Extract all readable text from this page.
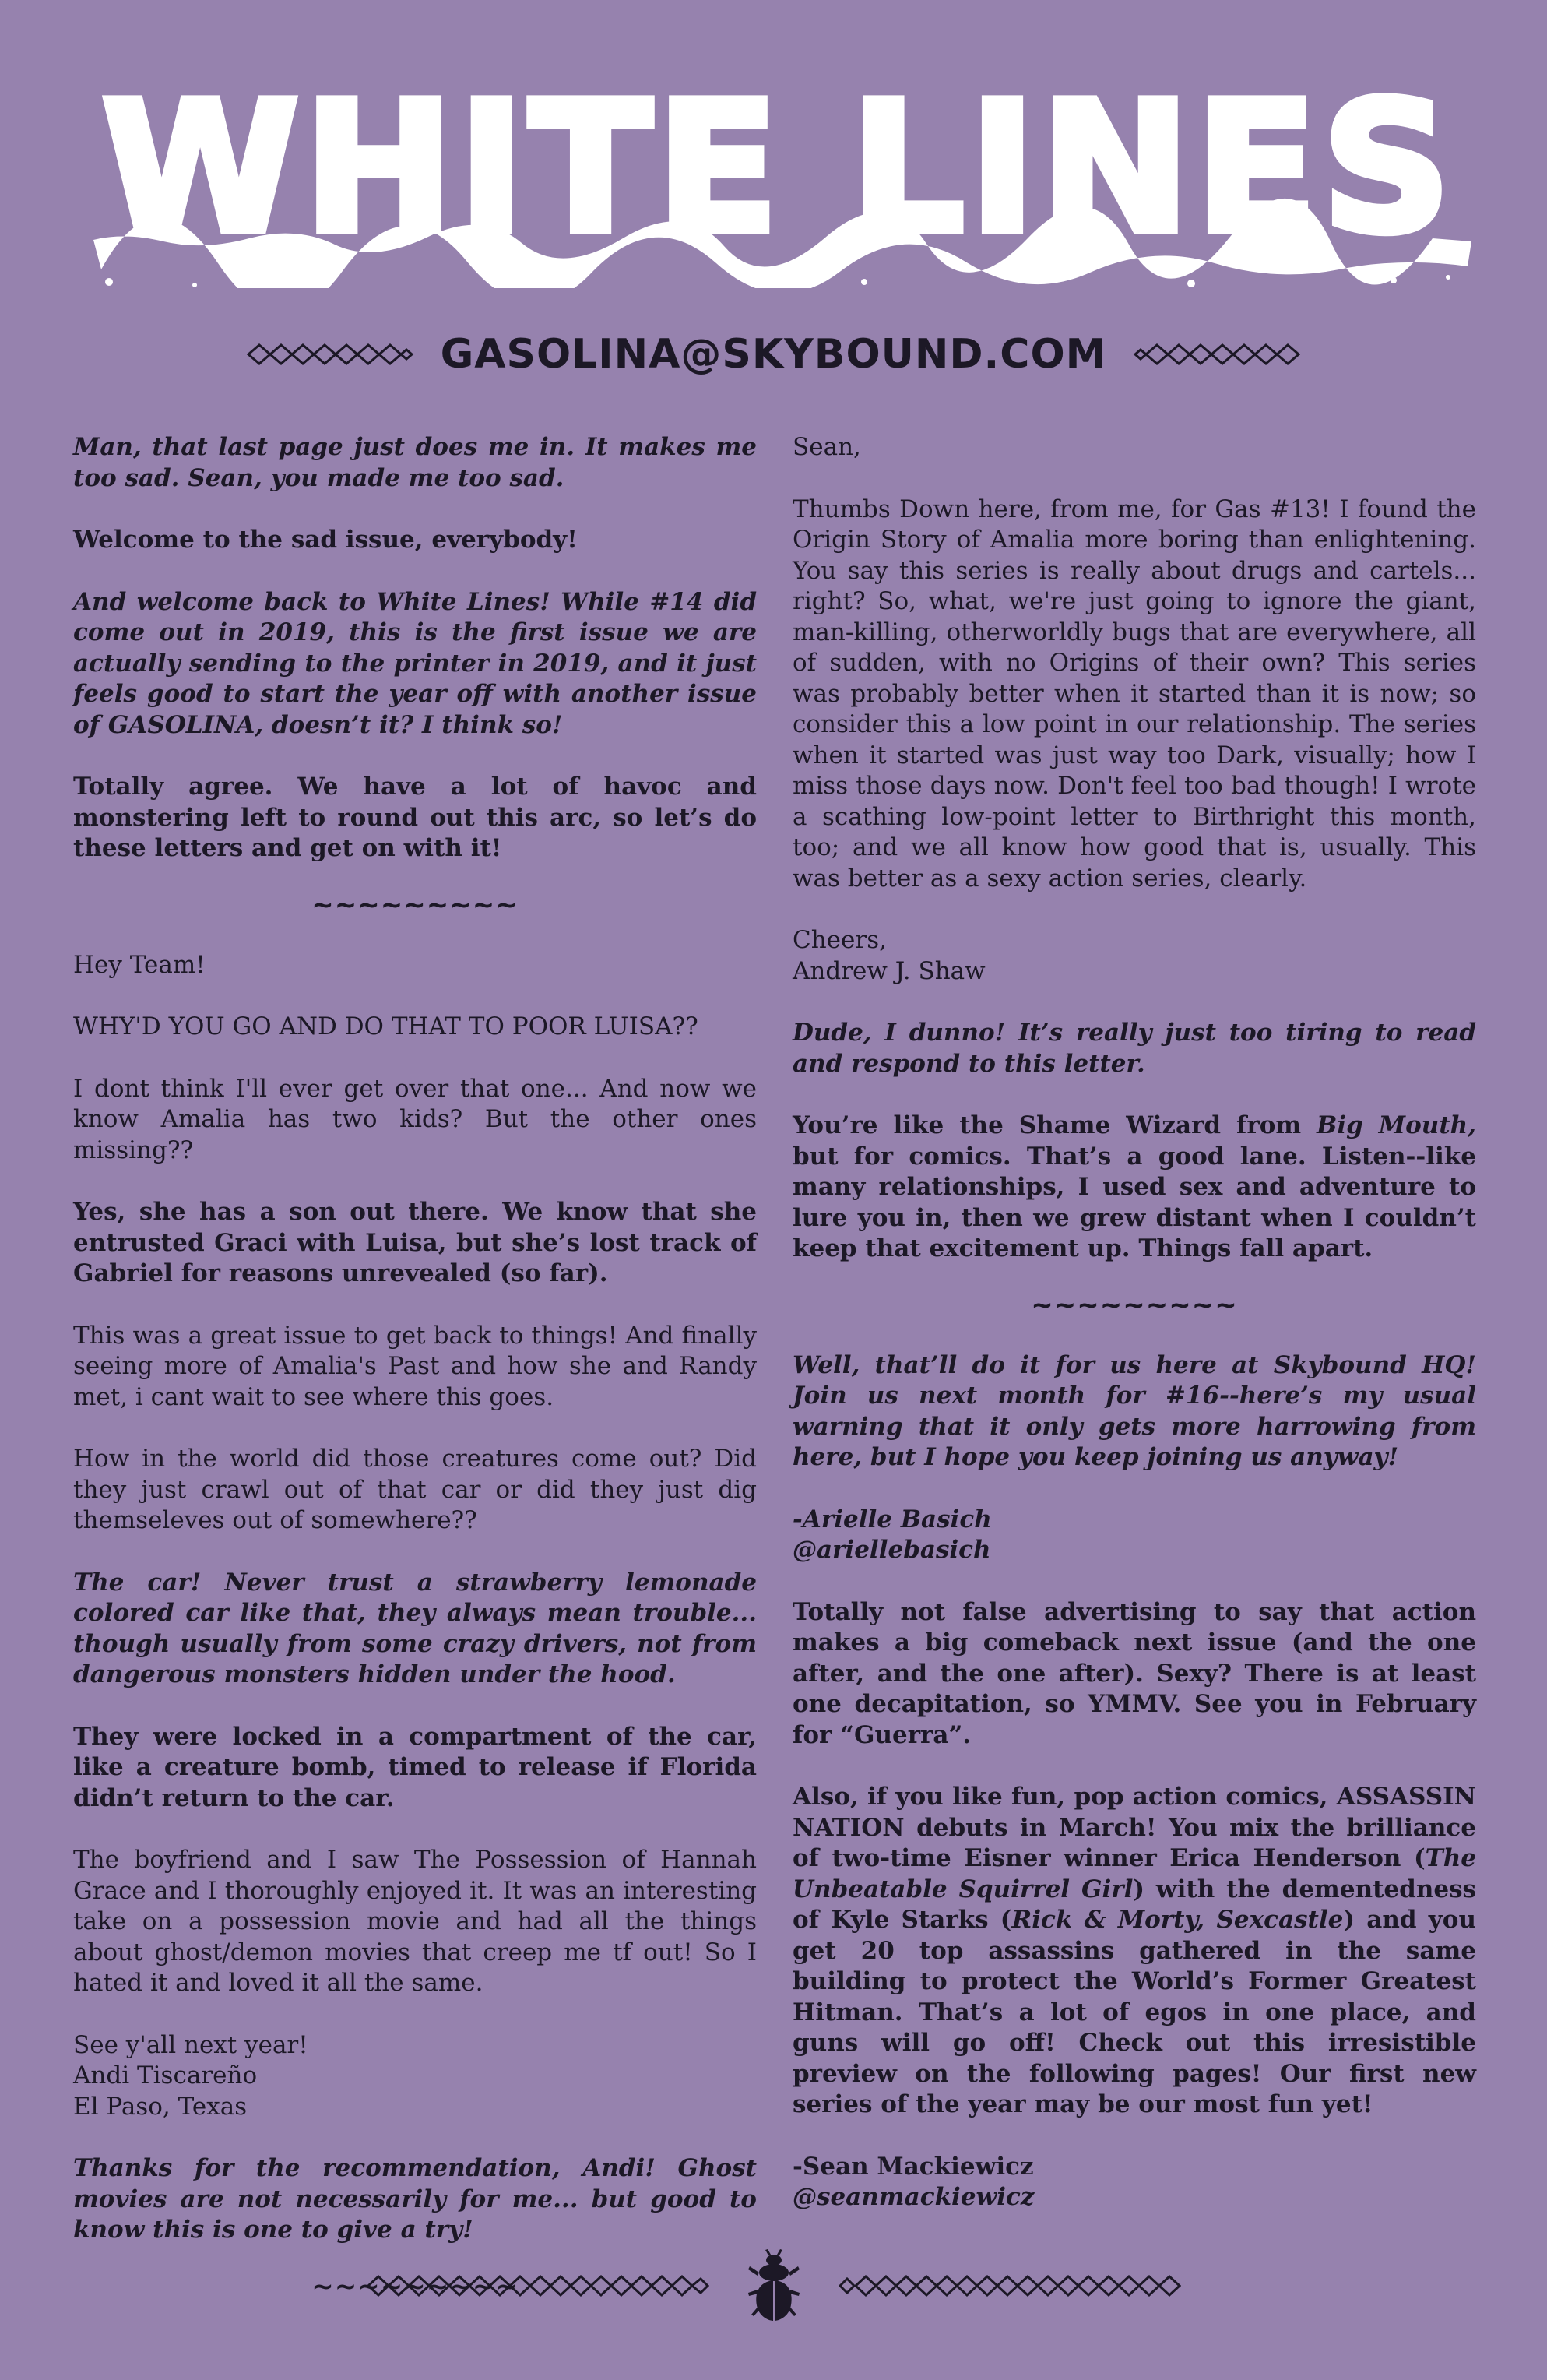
WHITE LINES
GASOLINA@SKYBOUND.COM

Man, that last page just does me in. It makes me too sad. Sean, you made me too sad.

Welcome to the sad issue, everybody!

And welcome back to White Lines! While #14 did come out in 2019, this is the first issue we are actually sending to the printer in 2019, and it just feels good to start the year off with another issue of GASOLINA, doesn’t it? I think so!

Totally agree. We have a lot of havoc and monstering left to round out this arc, so let’s do these letters and get on with it!

~~~~~~~~~

Hey Team!

WHY'D YOU GO AND DO THAT TO POOR LUISA??

I dont think I'll ever get over that one... And now we know Amalia has two kids? But the other ones missing??

Yes, she has a son out there. We know that she entrusted Graci with Luisa, but she’s lost track of Gabriel for reasons unrevealed (so far).

This was a great issue to get back to things! And finally seeing more of Amalia's Past and how she and Randy met, i cant wait to see where this goes.

How in the world did those creatures come out? Did they just crawl out of that car or did they just dig themseleves out of somewhere??

The car! Never trust a strawberry lemonade colored car like that, they always mean trouble... though usually from some crazy drivers, not from dangerous monsters hidden under the hood.

They were locked in a compartment of the car, like a creature bomb, timed to release if Florida didn’t return to the car.

The boyfriend and I saw The Possession of Hannah Grace and I thoroughly enjoyed it. It was an interesting take on a possession movie and had all the things about ghost/demon movies that creep me tf out! So I hated it and loved it all the same.

See y'all next year!
Andi Tiscareño
El Paso, Texas

Thanks for the recommendation, Andi! Ghost movies are not necessarily for me... but good to know this is one to give a try!

~~~~~~~~~

Sean,

Thumbs Down here, from me, for Gas #13! I found the Origin Story of Amalia more boring than enlightening. You say this series is really about drugs and cartels... right? So, what, we're just going to ignore the giant, man-killing, otherworldly bugs that are everywhere, all of sudden, with no Origins of their own? This series was probably better when it started than it is now; so consider this a low point in our relationship. The series when it started was just way too Dark, visually; how I miss those days now. Don't feel too bad though! I wrote a scathing low-point letter to Birthright this month, too; and we all know how good that is, usually. This was better as a sexy action series, clearly.

Cheers,
Andrew J. Shaw

Dude, I dunno! It’s really just too tiring to read and respond to this letter.

You’re like the Shame Wizard from Big Mouth, but for comics. That’s a good lane. Listen--like many relationships, I used sex and adventure to lure you in, then we grew distant when I couldn’t keep that excitement up. Things fall apart.

~~~~~~~~~

Well, that’ll do it for us here at Skybound HQ! Join us next month for #16--here’s my usual warning that it only gets more harrowing from here, but I hope you keep joining us anyway!

-Arielle Basich
@ariellebasich

Totally not false advertising to say that action makes a big comeback next issue (and the one after, and the one after). Sexy? There is at least one decapitation, so YMMV. See you in February for “Guerra”.

Also, if you like fun, pop action comics, ASSASSIN NATION debuts in March! You mix the brilliance of two-time Eisner winner Erica Henderson (The Unbeatable Squirrel Girl) with the dementedness of Kyle Starks (Rick & Morty, Sexcastle) and you get 20 top assassins gathered in the same building to protect the World’s Former Greatest Hitman. That’s a lot of egos in one place, and guns will go off! Check out this irresistible preview on the following pages! Our first new series of the year may be our most fun yet!

-Sean Mackiewicz
@seanmackiewicz
